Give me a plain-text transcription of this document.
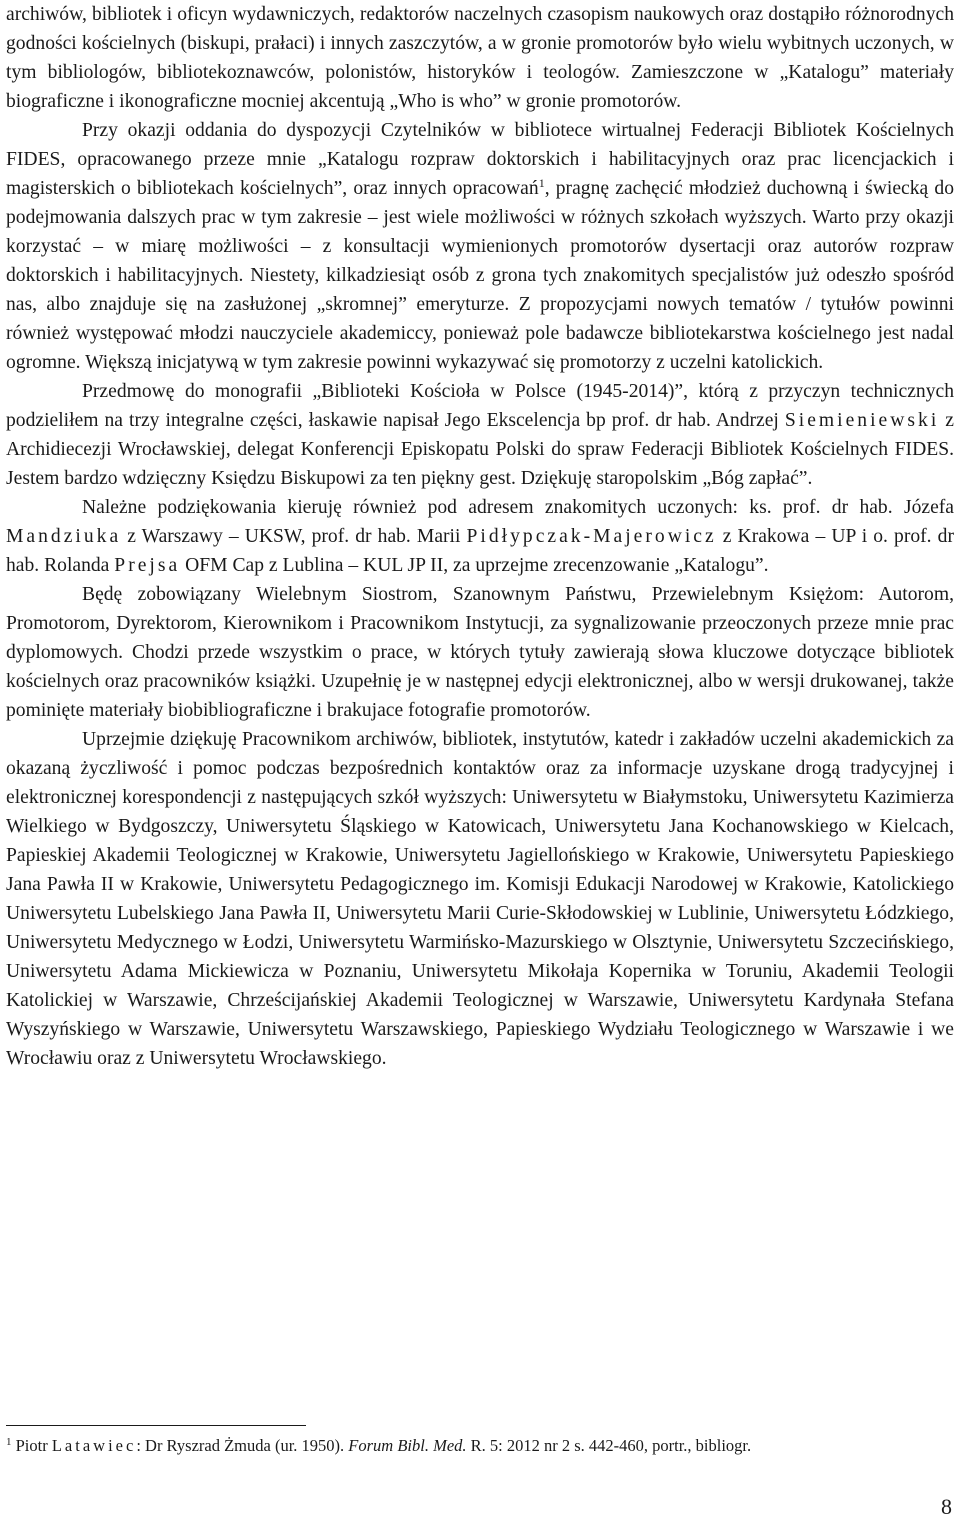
archiwów, bibliotek i oficyn wydawniczych, redaktorów naczelnych czasopism naukowych oraz dostąpiło różnorodnych godności kościelnych (biskupi, prałaci) i innych zaszczytów, a w gronie promotorów było wielu wybitnych uczonych, w tym bibliologów, bibliotekoznawców, polonistów, historyków i teologów. Zamieszczone w „Katalogu” materiały biograficzne i ikonograficzne mocniej akcentują „Who is who” w gronie promotorów.

Przy okazji oddania do dyspozycji Czytelników w bibliotece wirtualnej Federacji Bibliotek Kościelnych FIDES, opracowanego przeze mnie „Katalogu rozpraw doktorskich i habilitacyjnych oraz prac licencjackich i magisterskich o bibliotekach kościelnych”, oraz innych opracowań$^1$, pragnę zachęcić młodzież duchowną i świecką do podejmowania dalszych prac w tym zakresie – jest wiele możliwości w różnych szkołach wyższych. Warto przy okazji korzystać – w miarę możliwości – z konsultacji wymienionych promotorów dysertacji oraz autorów rozpraw doktorskich i habilitacyjnych. Niestety, kilkadziesiąt osób z grona tych znakomitych specjalistów już odeszło spośród nas, albo znajduje się na zasłużonej „skromnej” emeryturze. Z propozycjami nowych tematów / tytułów powinni również występować młodzi nauczyciele akademiccy, ponieważ pole badawcze bibliotekarstwa kościelnego jest nadal ogromne. Większą inicjatywą w tym zakresie powinni wykazywać się promotorzy z uczelni katolickich.

Przedmowę do monografii „Biblioteki Kościoła w Polsce (1945-2014)”, którą z przyczyn technicznych podzieliłem na trzy integralne części, łaskawie napisał Jego Ekscelencja bp prof. dr hab. Andrzej Siemieniewski z Archidiecezji Wrocławskiej, delegat Konferencji Episkopatu Polski do spraw Federacji Bibliotek Kościelnych FIDES. Jestem bardzo wdzięczny Księdzu Biskupowi za ten piękny gest. Dziękuję staropolskim „Bóg zapłać”.

Należne podziękowania kieruję również pod adresem znakomitych uczonych: ks. prof. dr hab. Józefa Mandziuka z Warszawy – UKSW, prof. dr hab. Marii Pidłypczak-Majerowicz z Krakowa – UP i o. prof. dr hab. Rolanda Prejsa OFM Cap z Lublina – KUL JP II, za uprzejme zrecenzowanie „Katalogu”.

Będę zobowiązany Wielebnym Siostrom, Szanownym Państwu, Przewielebnym Księżom: Autorom, Promotorom, Dyrektorom, Kierownikom i Pracownikom Instytucji, za sygnalizowanie przeoczonych przeze mnie prac dyplomowych. Chodzi przede wszystkim o prace, w których tytuły zawierają słowa kluczowe dotyczące bibliotek kościelnych oraz pracowników książki. Uzupełnię je w następnej edycji elektronicznej, albo w wersji drukowanej, także pominięte materiały biobibliograficzne i brakujace fotografie promotorów.

Uprzejmie dziękuję Pracownikom archiwów, bibliotek, instytutów, katedr i zakładów uczelni akademickich za okazaną życzliwość i pomoc podczas bezpośrednich kontaktów oraz za informacje uzyskane drogą tradycyjnej i elektronicznej korespondencji z następujących szkół wyższych: Uniwersytetu w Białymstoku, Uniwersytetu Kazimierza Wielkiego w Bydgoszczy, Uniwersytetu Śląskiego w Katowicach, Uniwersytetu Jana Kochanowskiego w Kielcach, Papieskiej Akademii Teologicznej w Krakowie, Uniwersytetu Jagiellońskiego w Krakowie, Uniwersytetu Papieskiego Jana Pawła II w Krakowie, Uniwersytetu Pedagogicznego im. Komisji Edukacji Narodowej w Krakowie, Katolickiego Uniwersytetu Lubelskiego Jana Pawła II, Uniwersytetu Marii Curie-Skłodowskiej w Lublinie, Uniwersytetu Łódzkiego, Uniwersytetu Medycznego w Łodzi, Uniwersytetu Warmińsko-Mazurskiego w Olsztynie, Uniwersytetu Szczecińskiego, Uniwersytetu Adama Mickiewicza w Poznaniu, Uniwersytetu Mikołaja Kopernika w Toruniu, Akademii Teologii Katolickiej w Warszawie, Chrześcijańskiej Akademii Teologicznej w Warszawie, Uniwersytetu Kardynała Stefana Wyszyńskiego w Warszawie, Uniwersytetu Warszawskiego, Papieskiego Wydziału Teologicznego w Warszawie i we Wrocławiu oraz z Uniwersytetu Wrocławskiego.

$^1$ Piotr Latawiec: Dr Ryszrad Żmuda (ur. 1950). Forum Bibl. Med. R. 5: 2012 nr 2 s. 442-460, portr., bibliogr.

8
